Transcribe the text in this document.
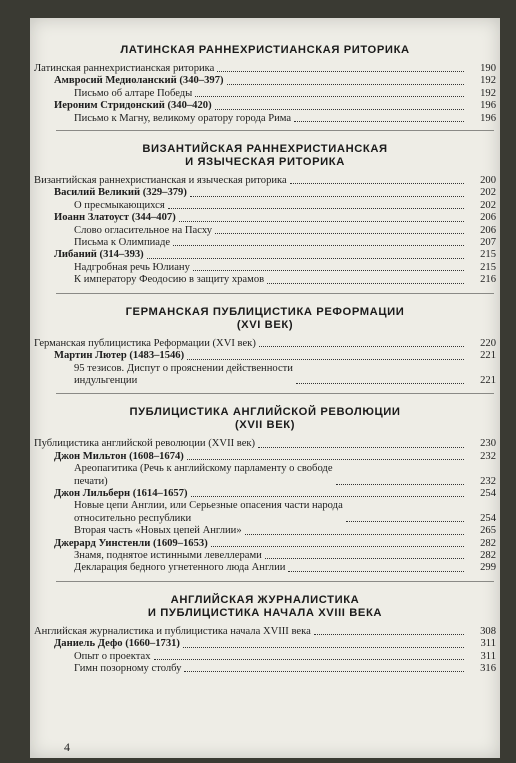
ЛАТИНСКАЯ РАННЕХРИСТИАНСКАЯ РИТОРИКА
Латинская раннехристианская риторика	190
Амвросий Медиоланский (340–397)	192
Письмо об алтаре Победы	192
Иероним Стридонский (340–420)	196
Письмо к Магну, великому оратору города Рима	196
ВИЗАНТИЙСКАЯ РАННЕХРИСТИАНСКАЯ
И ЯЗЫЧЕСКАЯ РИТОРИКА
Византийская раннехристианская и языческая риторика	200
Василий Великий (329–379)	202
О пресмыкающихся	202
Иоанн Златоуст (344–407)	206
Слово огласительное на Пасху	206
Письма к Олимпиаде	207
Либаний (314–393)	215
Надгробная речь Юлиану	215
К императору Феодосию в защиту храмов	216
ГЕРМАНСКАЯ ПУБЛИЦИСТИКА РЕФОРМАЦИИ
(XVI ВЕК)
Германская публицистика Реформации (XVI век)	220
Мартин Лютер (1483–1546)	221
95 тезисов. Диспут о прояснении действенности
индульгенции	221
ПУБЛИЦИСТИКА АНГЛИЙСКОЙ РЕВОЛЮЦИИ
(XVII ВЕК)
Публицистика английской революции (XVII век)	230
Джон Мильтон (1608–1674)	232
Ареопагитика (Речь к английскому парламенту о свободе
печати)	232
Джон Лильберн (1614–1657)	254
Новые цепи Англии, или Серьезные опасения части народа
относительно республики	254
Вторая часть «Новых цепей Англии»	265
Джерард Уинстенли (1609–1653)	282
Знамя, поднятое истинными левеллерами	282
Декларация бедного угнетенного люда Англии	299
АНГЛИЙСКАЯ ЖУРНАЛИСТИКА
И ПУБЛИЦИСТИКА НАЧАЛА XVIII ВЕКА
Английская журналистика и публицистика начала XVIII века	308
Даниель Дефо (1660–1731)	311
Опыт о проектах	311
Гимн позорному столбу	316
4
